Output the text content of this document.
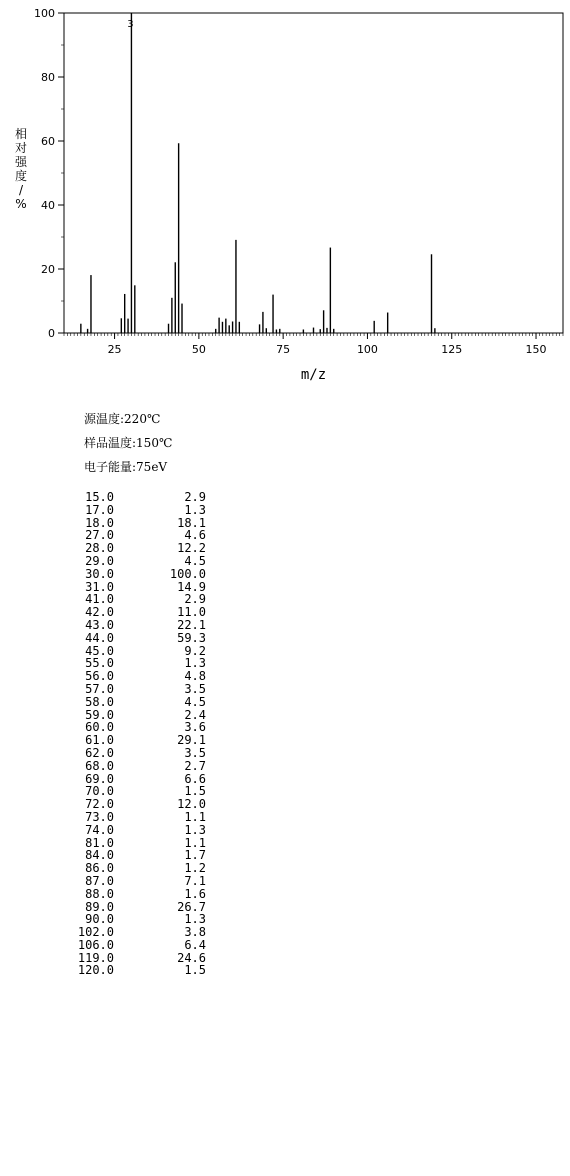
0
20
40
60
80
100
25	50	75	100	125	150
3
m/z
相对强度/ %
源温度:220℃
样品温度:150℃
电子能量:75eV
15.0	2.9
17.0	1.3
18.0	18.1
27.0	4.6
28.0	12.2
29.0	4.5
30.0	100.0
31.0	14.9
41.0	2.9
42.0	11.0
43.0	22.1
44.0	59.3
45.0	9.2
55.0	1.3
56.0	4.8
57.0	3.5
58.0	4.5
59.0	2.4
60.0	3.6
61.0	29.1
62.0	3.5
68.0	2.7
69.0	6.6
70.0	1.5
72.0	12.0
73.0	1.1
74.0	1.3
81.0	1.1
84.0	1.7
86.0	1.2
87.0	7.1
88.0	1.6
89.0	26.7
90.0	1.3
102.0	3.8
106.0	6.4
119.0	24.6
120.0	1.5
